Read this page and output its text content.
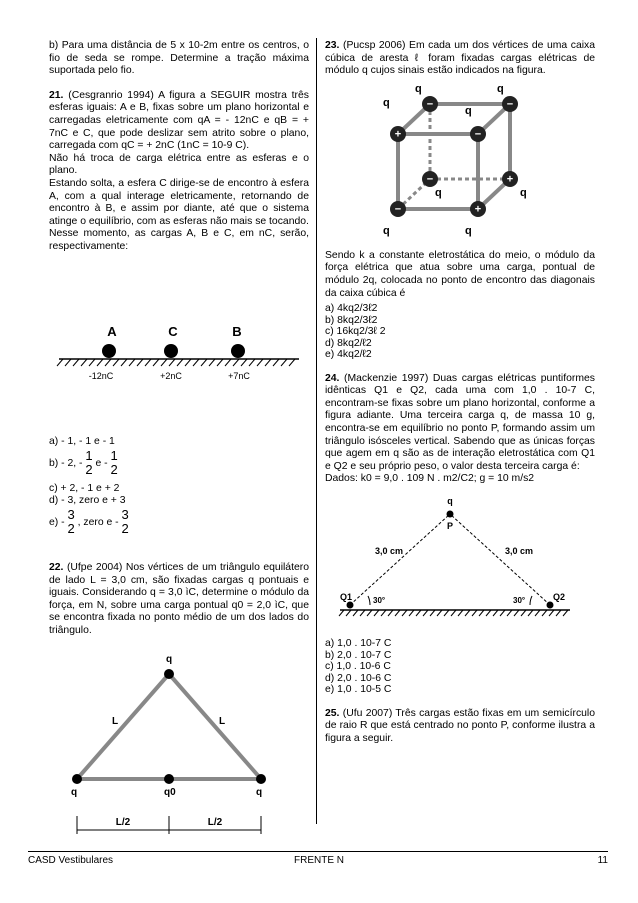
b) Para uma distância de 5 x 10-2m entre os centros, o fio de seda se rompe. Determine a tração máxima suportada pelo fio.

21. (Cesgranrio 1994) A figura a SEGUIR mostra três esferas iguais: A e B, fixas sobre um plano horizontal e carregadas eletricamente com qA = - 12nC e qB = + 7nC e C, que pode deslizar sem atrito sobre o plano, carregada com qC = + 2nC (1nC = 10-9 C).

Não há troca de carga elétrica entre as esferas e o plano.

Estando solta, a esfera C dirige-se de encontro à esfera A, com a qual interage eletricamente, retornando de encontro à B, e assim por diante, até que o sistema atinge o equilíbrio, com as esferas não mais se tocando.

Nesse momento, as cargas A, B e C, em nC, serão, respectivamente:

A	C	B
-12nC	+2nC	+7nC

a) - 1, - 1 e - 1

b) - 2, -
1
2 e -
1
2

c) + 2, - 1 e + 2

d) - 3, zero e + 3

e) -
3
2 , zero e -
3
2

22. (Ufpe 2004) Nos vértices de um triângulo equilátero de lado L = 3,0 cm, são fixadas cargas q pontuais e iguais. Considerando q = 3,0 ìC, determine o módulo da força, em N, sobre uma carga pontual q0 = 2,0 ìC, que se encontra fixada no ponto médio de um dos lados do triângulo.

q
L	L
q	q0	q
L/2	L/2

23. (Pucsp 2006) Em cada um dos vértices de uma caixa cúbica de aresta ℓ foram fixadas cargas elétricas de módulo q cujos sinais estão indicados na figura.

+
q
−
q
−
q
−
q
−
q
+
q
−
q
+
q

Sendo k a constante eletrostática do meio, o módulo da força elétrica que atua sobre uma carga, pontual de módulo 2q, colocada no ponto de encontro das diagonais da caixa cúbica é

a) 4kq2/3ℓ2

b) 8kq2/3ℓ2

c) 16kq2/3ℓ 2

d) 8kq2/ℓ2

e) 4kq2/ℓ2

24. (Mackenzie 1997) Duas cargas elétricas puntiformes idênticas Q1 e Q2, cada uma com 1,0 . 10-7 C, encontram-se fixas sobre um plano horizontal, conforme a figura adiante. Uma terceira carga q, de massa 10 g, encontra-se em equilíbrio no ponto P, formando assim um triângulo isósceles vertical. Sabendo que as únicas forças que agem em q são as de interação eletrostática com Q1 e Q2 e seu próprio peso, o valor desta terceira carga é:

Dados: k0 = 9,0 . 109 N . m2/C2; g = 10 m/s2

q
P
3,0 cm	3,0 cm
Q1	Q2
30°	30°

a) 1,0 . 10-7 C

b) 2,0 . 10-7 C

c) 1,0 . 10-6 C

d) 2,0 . 10-6 C

e) 1,0 . 10-5 C

25. (Ufu 2007) Três cargas estão fixas em um semicírculo de raio R que está centrado no ponto P, conforme ilustra a figura a seguir.

CASD Vestibulares	FRENTE N	11
